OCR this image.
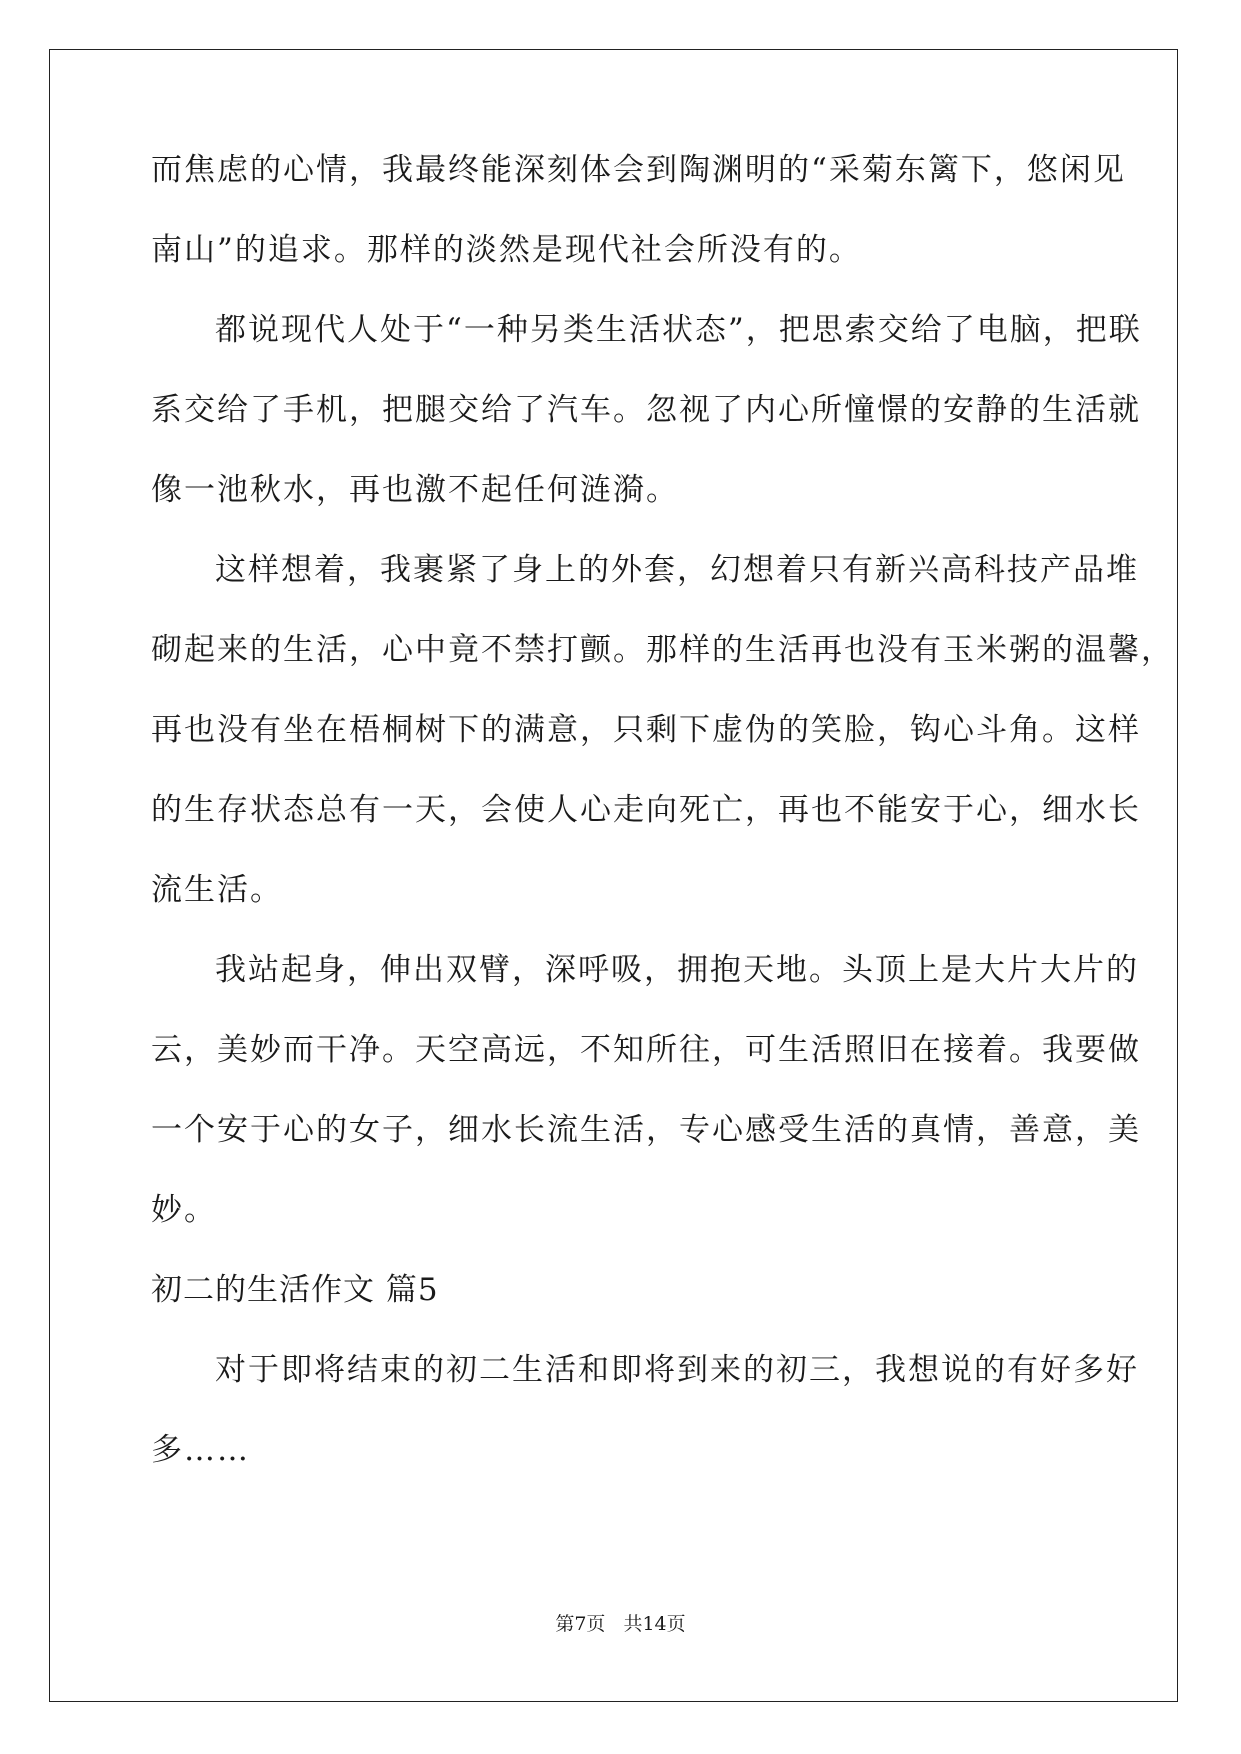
而焦虑的心情，我最终能深刻体会到陶渊明的“采菊东篱下，悠闲见
南山”的追求。那样的淡然是现代社会所没有的。
都说现代人处于“一种另类生活状态”，把思索交给了电脑，把联
系交给了手机，把腿交给了汽车。忽视了内心所憧憬的安静的生活就
像一池秋水，再也激不起任何涟漪。
这样想着，我裹紧了身上的外套，幻想着只有新兴高科技产品堆
砌起来的生活，心中竟不禁打颤。那样的生活再也没有玉米粥的温馨，
再也没有坐在梧桐树下的满意，只剩下虚伪的笑脸，钩心斗角。这样
的生存状态总有一天，会使人心走向死亡，再也不能安于心，细水长
流生活。
我站起身，伸出双臂，深呼吸，拥抱天地。头顶上是大片大片的
云，美妙而干净。天空高远，不知所往，可生活照旧在接着。我要做
一个安于心的女子，细水长流生活，专心感受生活的真情，善意，美
妙。
初二的生活作文 篇5
对于即将结束的初二生活和即将到来的初三，我想说的有好多好
多……
第7页 共14页
